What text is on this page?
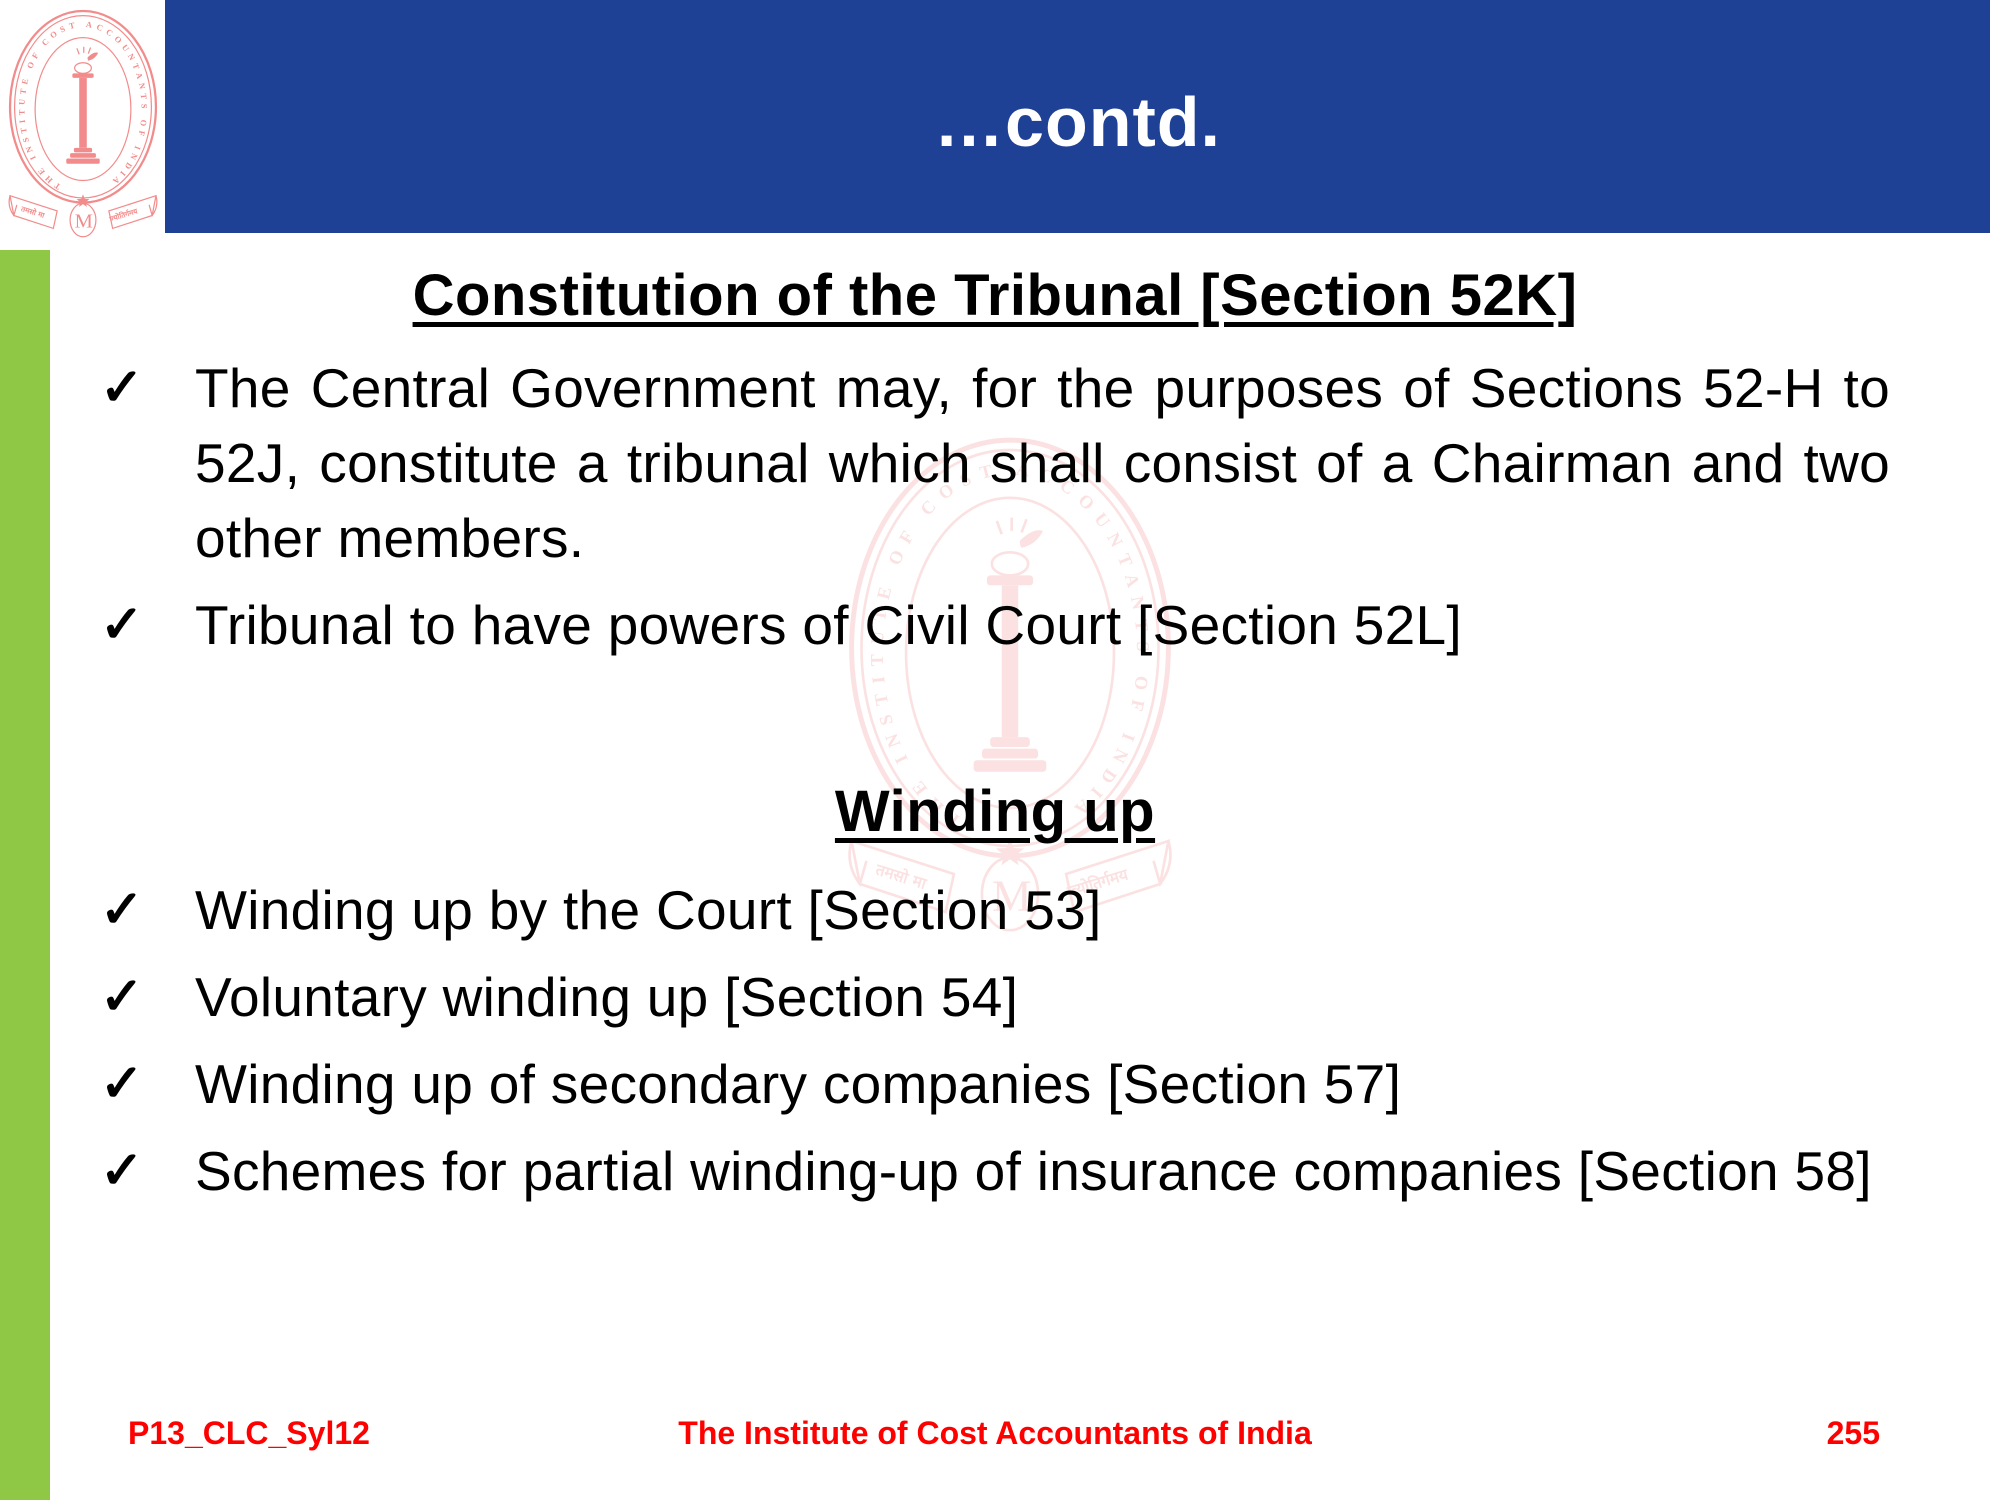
…contd.
Constitution of the Tribunal [Section 52K]
✓ The Central Government may, for the purposes of Sections 52-H to 52J, constitute a tribunal which shall consist of a Chairman and two other members.

✓ Tribunal to have powers of Civil Court [Section 52L]

Winding up
✓ Winding up by the Court [Section 53]

✓ Voluntary winding up [Section 54]

✓ Winding up of secondary companies [Section 57]

✓ Schemes for partial winding-up of insurance companies [Section 58]

P13_CLC_Syl12	The Institute of Cost Accountants of India	255
